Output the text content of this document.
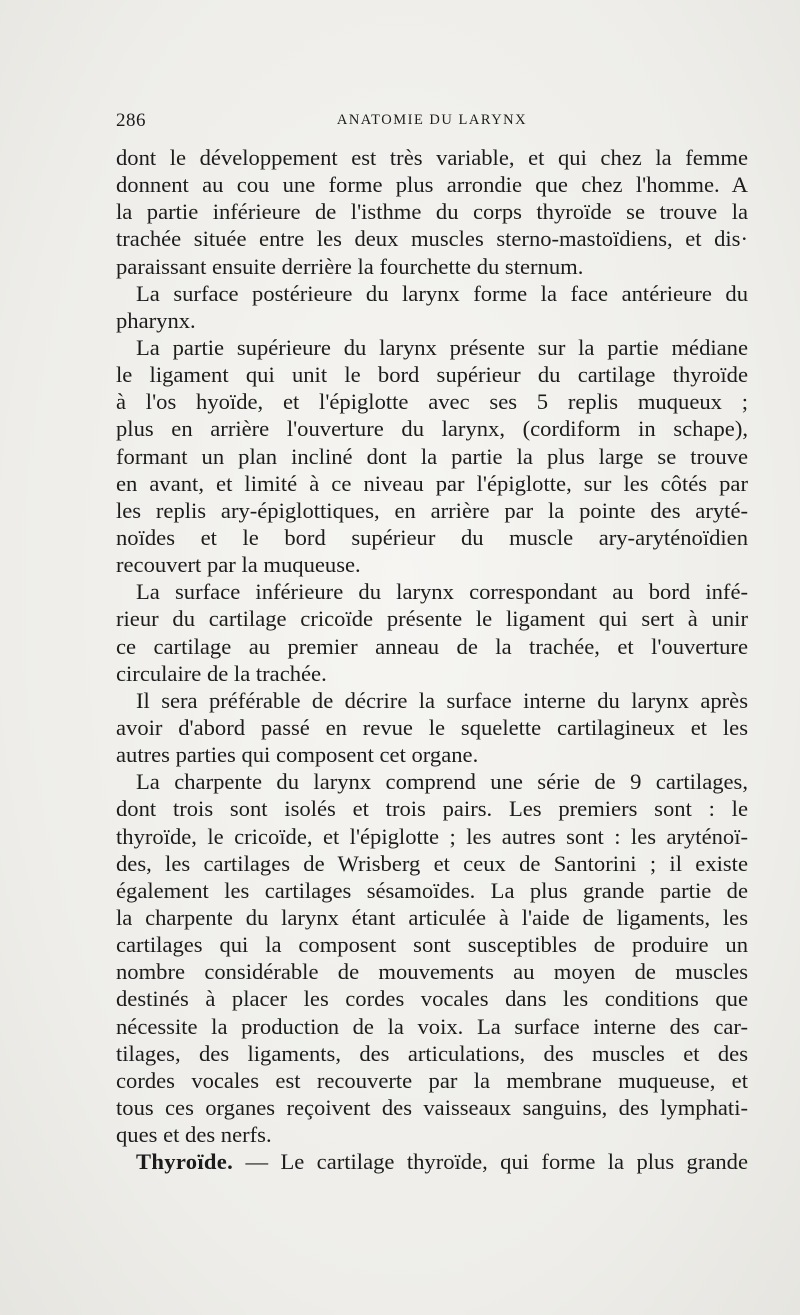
286	ANATOMIE DU LARYNX
dont le développement est très variable, et qui chez la femme
donnent au cou une forme plus arrondie que chez l'homme. A
la partie inférieure de l'isthme du corps thyroïde se trouve la
trachée située entre les deux muscles sterno-mastoïdiens, et dis·
paraissant ensuite derrière la fourchette du sternum.
La surface postérieure du larynx forme la face antérieure du
pharynx.
La partie supérieure du larynx présente sur la partie médiane
le ligament qui unit le bord supérieur du cartilage thyroïde
à l'os hyoïde, et l'épiglotte avec ses 5 replis muqueux ;
plus en arrière l'ouverture du larynx, (cordiform in schape),
formant un plan incliné dont la partie la plus large se trouve
en avant, et limité à ce niveau par l'épiglotte, sur les côtés par
les replis ary-épiglottiques, en arrière par la pointe des aryté-
noïdes et le bord supérieur du muscle ary-aryténoïdien
recouvert par la muqueuse.
La surface inférieure du larynx correspondant au bord infé-
rieur du cartilage cricoïde présente le ligament qui sert à unir
ce cartilage au premier anneau de la trachée, et l'ouverture
circulaire de la trachée.
Il sera préférable de décrire la surface interne du larynx après
avoir d'abord passé en revue le squelette cartilagineux et les
autres parties qui composent cet organe.
La charpente du larynx comprend une série de 9 cartilages,
dont trois sont isolés et trois pairs. Les premiers sont : le
thyroïde, le cricoïde, et l'épiglotte ; les autres sont : les aryténoï-
des, les cartilages de Wrisberg et ceux de Santorini ; il existe
également les cartilages sésamoïdes. La plus grande partie de
la charpente du larynx étant articulée à l'aide de ligaments, les
cartilages qui la composent sont susceptibles de produire un
nombre considérable de mouvements au moyen de muscles
destinés à placer les cordes vocales dans les conditions que
nécessite la production de la voix. La surface interne des car-
tilages, des ligaments, des articulations, des muscles et des
cordes vocales est recouverte par la membrane muqueuse, et
tous ces organes reçoivent des vaisseaux sanguins, des lymphati-
ques et des nerfs.
Thyroïde. — Le cartilage thyroïde, qui forme la plus grande
